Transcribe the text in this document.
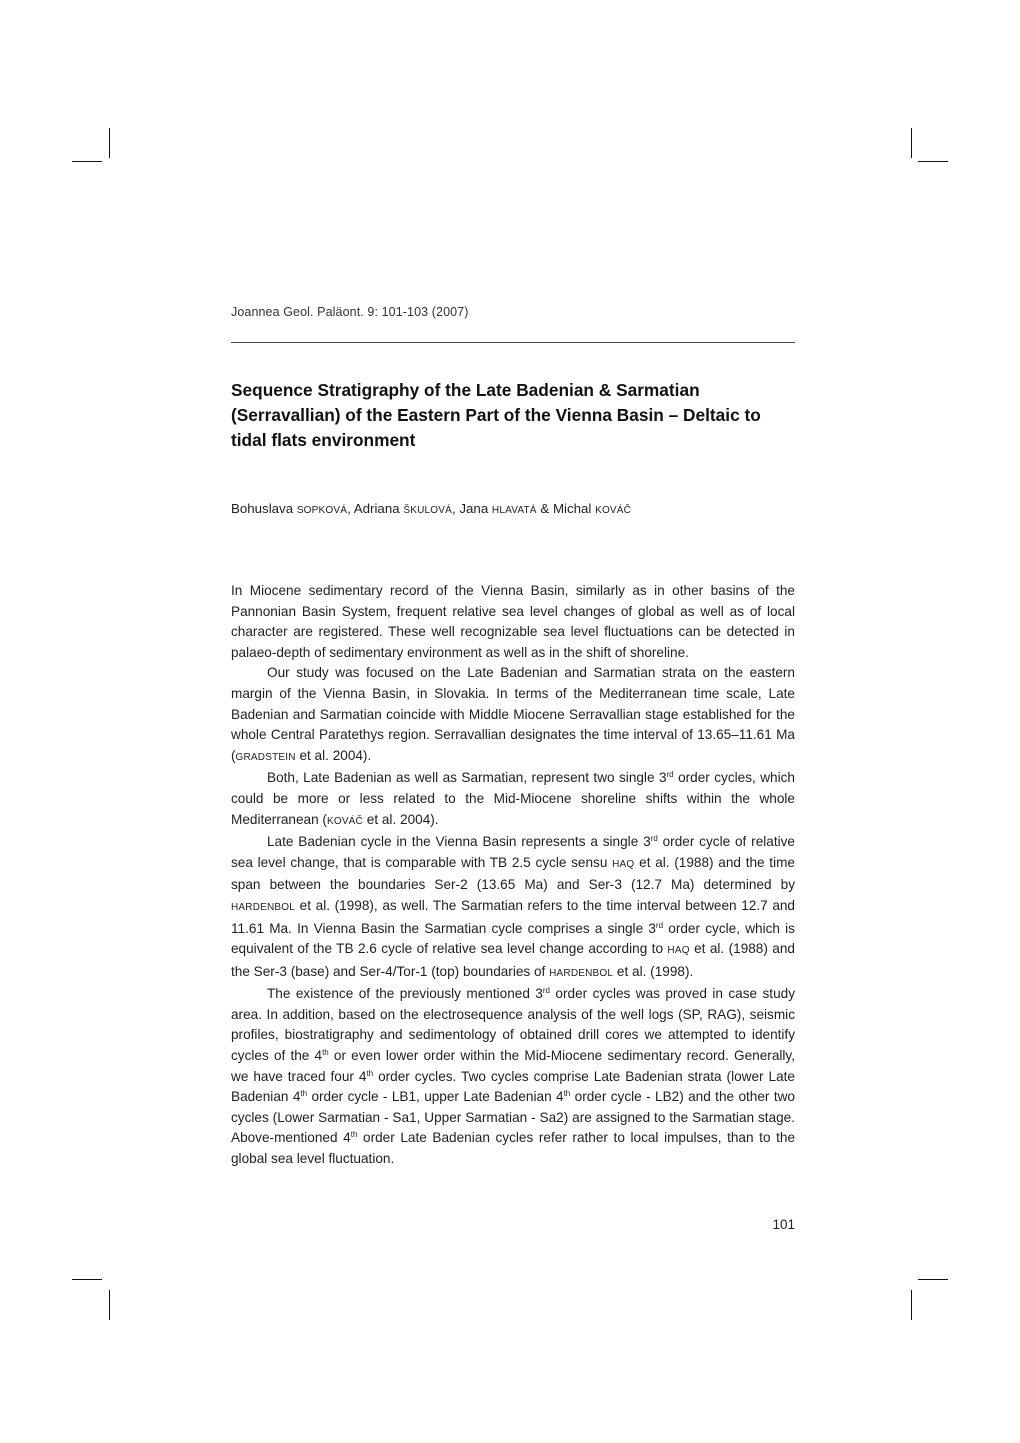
Joannea Geol. Paläont. 9: 101-103 (2007)
Sequence Stratigraphy of the Late Badenian & Sarmatian (Serravallian) of the Eastern Part of the Vienna Basin – Deltaic to tidal flats environment
Bohuslava SOPKOVÁ, Adriana ŠKULOVÁ, Jana HLAVATÁ & Michal KOVÁČ

In Miocene sedimentary record of the Vienna Basin, similarly as in other basins of the Pannonian Basin System, frequent relative sea level changes of global as well as of local character are registered. These well recognizable sea level fluctuations can be detected in palaeo-depth of sedimentary environment as well as in the shift of shoreline.

Our study was focused on the Late Badenian and Sarmatian strata on the eastern margin of the Vienna Basin, in Slovakia. In terms of the Mediterranean time scale, Late Badenian and Sarmatian coincide with Middle Miocene Serravallian stage established for the whole Central Paratethys region. Serravallian designates the time interval of 13.65–11.61 Ma (GRADSTEIN et al. 2004).

Both, Late Badenian as well as Sarmatian, represent two single 3rd order cycles, which could be more or less related to the Mid-Miocene shoreline shifts within the whole Mediterranean (KOVÁČ et al. 2004).

Late Badenian cycle in the Vienna Basin represents a single 3rd order cycle of relative sea level change, that is comparable with TB 2.5 cycle sensu HAQ et al. (1988) and the time span between the boundaries Ser-2 (13.65 Ma) and Ser-3 (12.7 Ma) determined by HARDENBOL et al. (1998), as well. The Sarmatian refers to the time interval between 12.7 and 11.61 Ma. In Vienna Basin the Sarmatian cycle comprises a single 3rd order cycle, which is equivalent of the TB 2.6 cycle of relative sea level change according to HAQ et al. (1988) and the Ser-3 (base) and Ser-4/Tor-1 (top) boundaries of HARDENBOL et al. (1998).

The existence of the previously mentioned 3rd order cycles was proved in case study area. In addition, based on the electrosequence analysis of the well logs (SP, RAG), seismic profiles, biostratigraphy and sedimentology of obtained drill cores we attempted to identify cycles of the 4th or even lower order within the Mid-Miocene sedimentary record. Generally, we have traced four 4th order cycles. Two cycles comprise Late Badenian strata (lower Late Badenian 4th order cycle - LB1, upper Late Badenian 4th order cycle - LB2) and the other two cycles (Lower Sarmatian - Sa1, Upper Sarmatian - Sa2) are assigned to the Sarmatian stage. Above-mentioned 4th order Late Badenian cycles refer rather to local impulses, than to the global sea level fluctuation.

101
